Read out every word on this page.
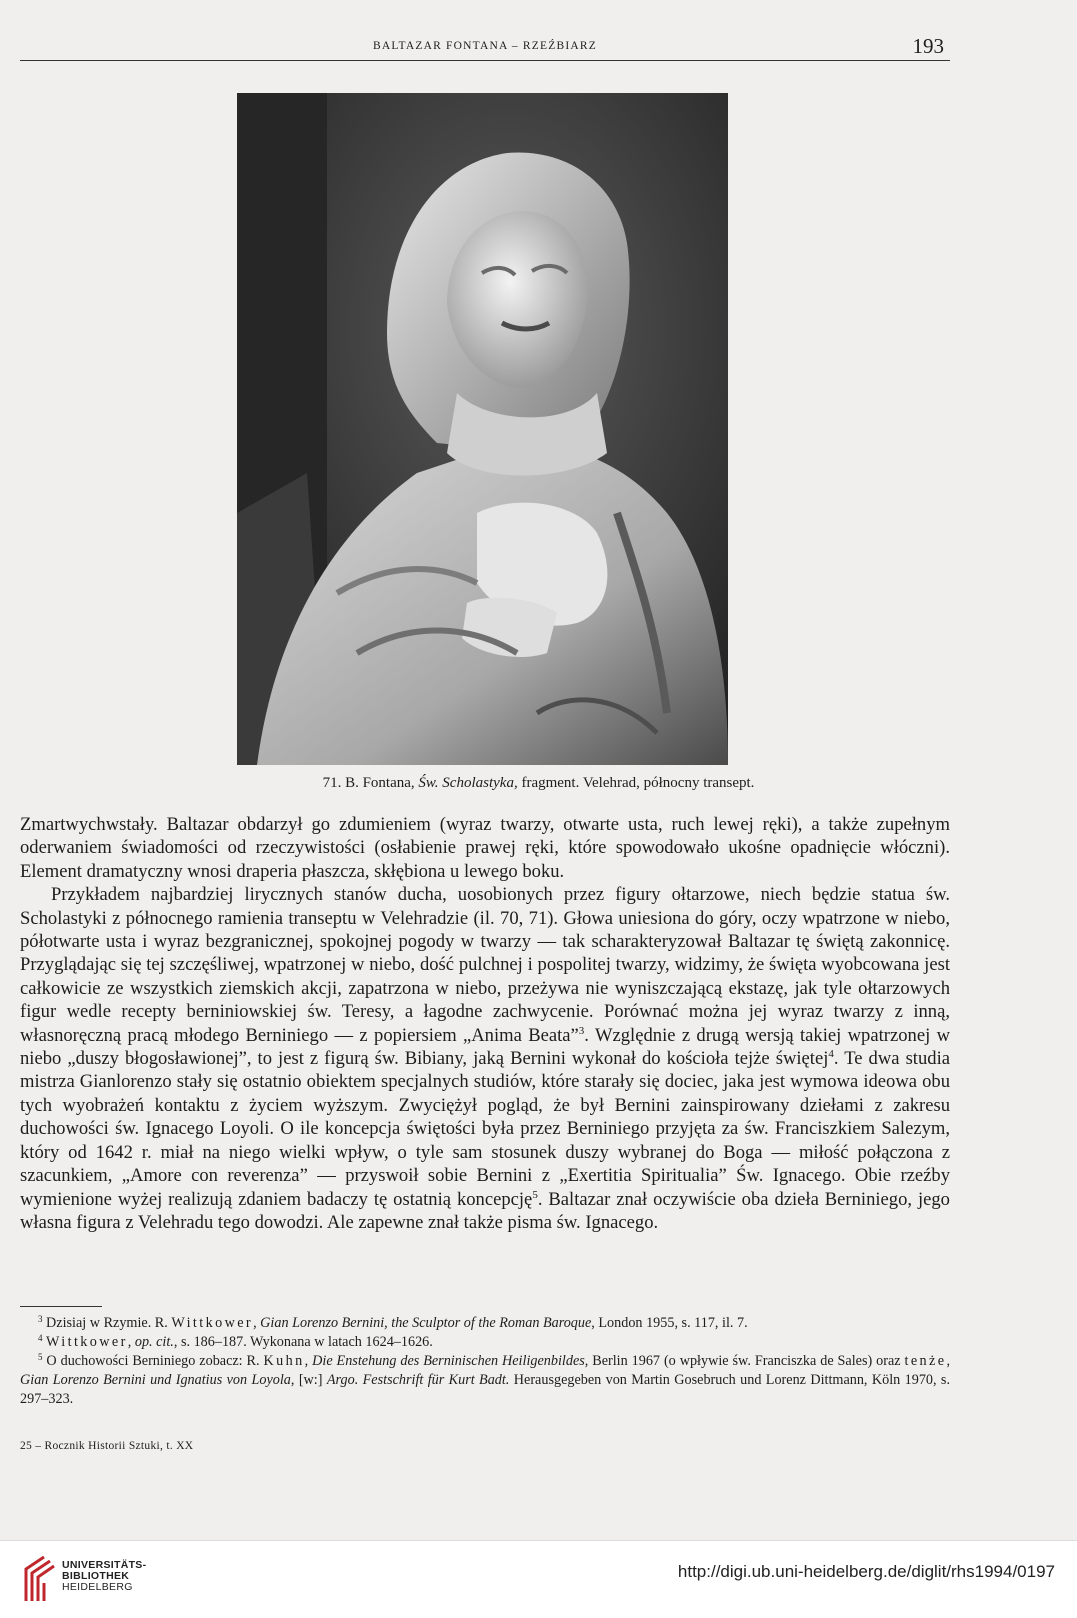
BALTAZAR FONTANA – RZEŹBIARZ	193
71. B. Fontana, Św. Scholastyka, fragment. Velehrad, północny transept.

Zmartwychwstały. Baltazar obdarzył go zdumieniem (wyraz twarzy, otwarte usta, ruch lewej ręki), a także zupełnym oderwaniem świadomości od rzeczywistości (osłabienie prawej ręki, które spowodowało ukośne opadnięcie włóczni). Element dramatyczny wnosi draperia płaszcza, skłębiona u lewego boku.

Przykładem najbardziej lirycznych stanów ducha, uosobionych przez figury ołtarzowe, niech będzie statua św. Scholastyki z północnego ramienia transeptu w Velehradzie (il. 70, 71). Głowa uniesiona do góry, oczy wpatrzone w niebo, półotwarte usta i wyraz bezgranicznej, spokojnej pogody w twarzy — tak scharakteryzował Baltazar tę świętą zakonnicę. Przyglądając się tej szczęśliwej, wpatrzonej w niebo, dość pulchnej i pospolitej twarzy, widzimy, że święta wyobcowana jest całkowicie ze wszystkich ziemskich akcji, zapatrzona w niebo, przeżywa nie wyniszczającą ekstazę, jak tyle ołtarzowych figur wedle recepty berniniowskiej św. Teresy, a łagodne zachwycenie. Porównać można jej wyraz twarzy z inną, własnoręczną pracą młodego Berniniego — z popiersiem „Anima Beata”$^3$. Względnie z drugą wersją takiej wpatrzonej w niebo „duszy błogosławionej”, to jest z figurą św. Bibiany, jaką Bernini wykonał do kościoła tejże świętej$^4$. Te dwa studia mistrza Gianlorenzo stały się ostatnio obiektem specjalnych studiów, które starały się dociec, jaka jest wymowa ideowa obu tych wyobrażeń kontaktu z życiem wyższym. Zwyciężył pogląd, że był Bernini zainspirowany dziełami z zakresu duchowości św. Ignacego Loyoli. O ile koncepcja świętości była przez Berniniego przyjęta za św. Franciszkiem Salezym, który od 1642 r. miał na niego wielki wpływ, o tyle sam stosunek duszy wybranej do Boga — miłość połączona z szacunkiem, „Amore con reverenza” — przyswoił sobie Bernini z „Exertitia Spiritualia” Św. Ignacego. Obie rzeźby wymienione wyżej realizują zdaniem badaczy tę ostatnią koncepcję$^5$. Baltazar znał oczywiście oba dzieła Berniniego, jego własna figura z Velehradu tego dowodzi. Ale zapewne znał także pisma św. Ignacego.

$^3$ Dzisiaj w Rzymie. R. Wittkower, Gian Lorenzo Bernini, the Sculptor of the Roman Baroque, London 1955, s. 117, il. 7.

$^4$ Wittkower, op. cit., s. 186–187. Wykonana w latach 1624–1626.

$^5$ O duchowości Berniniego zobacz: R. Kuhn, Die Enstehung des Berninischen Heiligenbildes, Berlin 1967 (o wpływie św. Franciszka de Sales) oraz tenże, Gian Lorenzo Bernini und Ignatius von Loyola, [w:] Argo. Festschrift für Kurt Badt. Herausgegeben von Martin Gosebruch und Lorenz Dittmann, Köln 1970, s. 297–323.

25 – Rocznik Historii Sztuki, t. XX
UNIVERSITÄTS-
BIBLIOTHEK
HEIDELBERG
http://digi.ub.uni-heidelberg.de/diglit/rhs1994/0197
